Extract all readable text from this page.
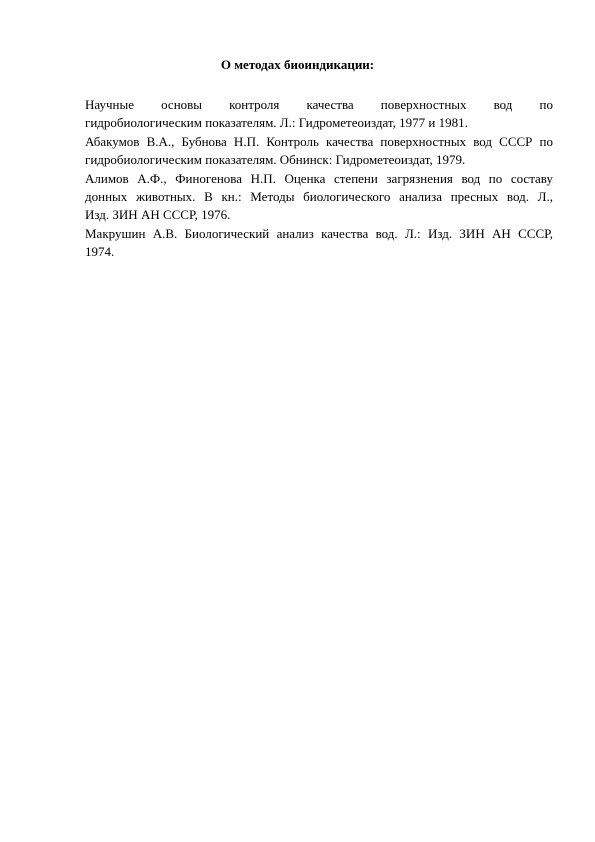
О методах биоиндикации:

Научные основы контроля качества поверхностных вод по
гидробиологическим показателям. Л.: Гидрометеоиздат, 1977 и 1981.

Абакумов В.А., Бубнова Н.П. Контроль качества поверхностных вод СССР по
гидробиологическим показателям. Обнинск: Гидрометеоиздат, 1979.

Алимов А.Ф., Финогенова Н.П. Оценка степени загрязнения вод по составу
донных животных. В кн.: Методы биологического анализа пресных вод. Л.,
Изд. ЗИН АН СССР, 1976.

Макрушин А.В. Биологический анализ качества вод. Л.: Изд. ЗИН АН СССР,
1974.
